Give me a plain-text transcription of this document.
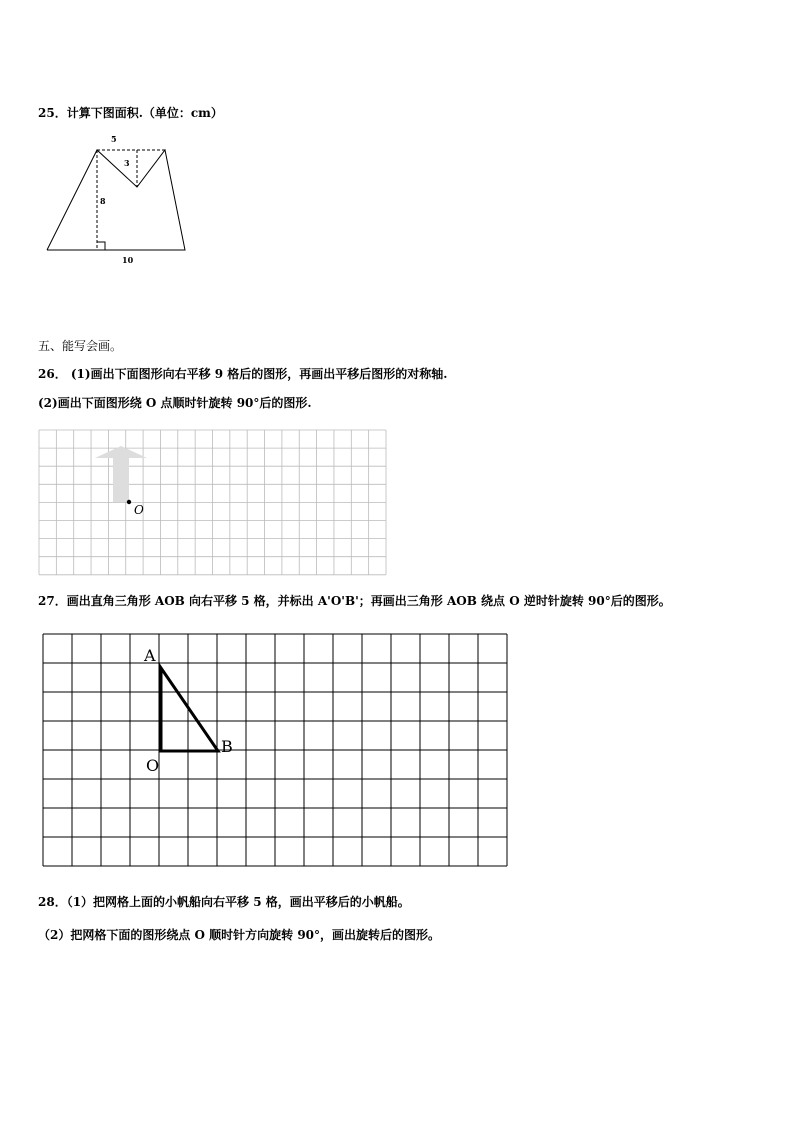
25．计算下图面积.（单位：cm）
5
3
8
10
五、能写会画。
26． (1)画出下面图形向右平移 9 格后的图形，再画出平移后图形的对称轴.
(2)画出下面图形绕 O 点顺时针旋转 90°后的图形.
O
27．画出直角三角形 AOB 向右平移 5 格，并标出 A'O'B'；再画出三角形 AOB 绕点 O 逆时针旋转 90°后的图形。
A
B
O
28．（1）把网格上面的小帆船向右平移 5 格，画出平移后的小帆船。
（2）把网格下面的图形绕点 O 顺时针方向旋转 90°，画出旋转后的图形。
